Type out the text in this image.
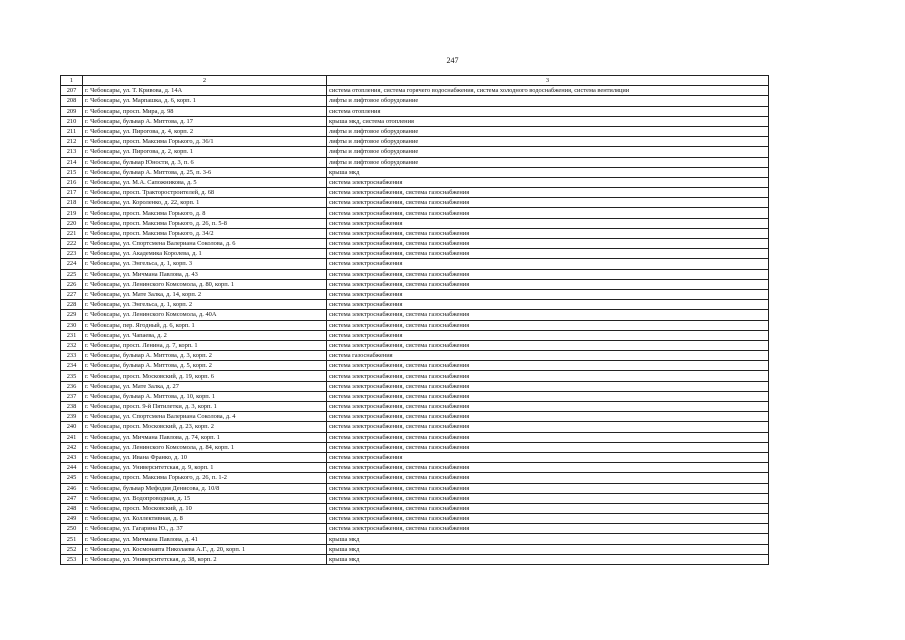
247
1	2	3
207	г. Чебоксары, ул. Т. Кривова, д. 14А	система отопления, система горячего водоснабжения, система холодного водоснабжения, система вентиляции
208	г. Чебоксары, ул. Марпашка, д. 6, корп. 1	лифты и лифтовое оборудование
209	г. Чебоксары, просп. Мира, д. 98	система отопления
210	г. Чебоксары, бульвар А. Миттова, д. 17	крыша мкд, система отопления
211	г. Чебоксары, ул. Пирогова, д. 4, корп. 2	лифты и лифтовое оборудование
212	г. Чебоксары, просп. Максима Горького, д. 36/1	лифты и лифтовое оборудование
213	г. Чебоксары, ул. Пирогова, д. 2, корп. 1	лифты и лифтовое оборудование
214	г. Чебоксары, бульвар Юности, д. 3, п. 6	лифты и лифтовое оборудование
215	г. Чебоксары, бульвар А. Миттова, д. 25, п. 3-6	крыша мкд
216	г. Чебоксары, ул. М.А. Сапожникова, д. 5	система электроснабжения
217	г. Чебоксары, просп. Тракторостроителей, д. 68	система электроснабжения, система газоснабжения
218	г. Чебоксары, ул. Короленко, д. 22, корп. 1	система электроснабжения, система газоснабжения
219	г. Чебоксары, просп. Максима Горького, д. 8	система электроснабжения, система газоснабжения
220	г. Чебоксары, просп. Максима Горького, д. 26, п. 5-8	система электроснабжения
221	г. Чебоксары, просп. Максима Горького, д. 34/2	система электроснабжения, система газоснабжения
222	г. Чебоксары, ул. Спортсмена Валериана Соколова, д. 6	система электроснабжения, система газоснабжения
223	г. Чебоксары, ул. Академика Королева, д. 1	система электроснабжения, система газоснабжения
224	г. Чебоксары, ул. Энгельса, д. 1, корп. 3	система электроснабжения
225	г. Чебоксары, ул. Мичмана Павлова, д. 43	система электроснабжения, система газоснабжения
226	г. Чебоксары, ул. Ленинского Комсомола, д. 80, корп. 1	система электроснабжения, система газоснабжения
227	г. Чебоксары, ул. Мате Залка, д. 14, корп. 2	система электроснабжения
228	г. Чебоксары, ул. Энгельса, д. 1, корп. 2	система электроснабжения
229	г. Чебоксары, ул. Ленинского Комсомола, д. 40А	система электроснабжения, система газоснабжения
230	г. Чебоксары, пер. Ягодный, д. 6, корп. 1	система электроснабжения, система газоснабжения
231	г. Чебоксары, ул. Чапаева, д. 2	система электроснабжения
232	г. Чебоксары, просп. Ленина, д. 7, корп. 1	система электроснабжения, система газоснабжения
233	г. Чебоксары, бульвар А. Миттова, д. 3, корп. 2	система газоснабжения
234	г. Чебоксары, бульвар А. Миттова, д. 5, корп. 2	система электроснабжения, система газоснабжения
235	г. Чебоксары, просп. Московский, д. 19, корп. 6	система электроснабжения, система газоснабжения
236	г. Чебоксары, ул. Мате Залка, д. 27	система электроснабжения, система газоснабжения
237	г. Чебоксары, бульвар А. Миттова, д. 10, корп. 1	система электроснабжения, система газоснабжения
238	г. Чебоксары, просп. 9-й Пятилетки, д. 3, корп. 1	система электроснабжения, система газоснабжения
239	г. Чебоксары, ул. Спортсмена Валериана Соколова, д. 4	система электроснабжения, система газоснабжения
240	г. Чебоксары, просп. Московский, д. 23, корп. 2	система электроснабжения, система газоснабжения
241	г. Чебоксары, ул. Мичмана Павлова, д. 74, корп. 1	система электроснабжения, система газоснабжения
242	г. Чебоксары, ул. Ленинского Комсомола, д. 84, корп. 1	система электроснабжения, система газоснабжения
243	г. Чебоксары, ул. Ивана Франко, д. 10	система электроснабжения
244	г. Чебоксары, ул. Университетская, д. 9, корп. 1	система электроснабжения, система газоснабжения
245	г. Чебоксары, просп. Максима Горького, д. 26, п. 1-2	система электроснабжения, система газоснабжения
246	г. Чебоксары, бульвар Мефодия Денисова, д. 10/8	система электроснабжения, система газоснабжения
247	г. Чебоксары, ул. Водопроводная, д. 15	система электроснабжения, система газоснабжения
248	г. Чебоксары, просп. Московский, д. 10	система электроснабжения, система газоснабжения
249	г. Чебоксары, ул. Коллективная, д. 8	система электроснабжения, система газоснабжения
250	г. Чебоксары, ул. Гагарина Ю., д. 37	система электроснабжения, система газоснабжения
251	г. Чебоксары, ул. Мичмана Павлова, д. 41	крыша мкд
252	г. Чебоксары, ул. Космонавта Николаева А.Г., д. 20, корп. 1	крыша мкд
253	г. Чебоксары, ул. Университетская, д. 38, корп. 2	крыша мкд
